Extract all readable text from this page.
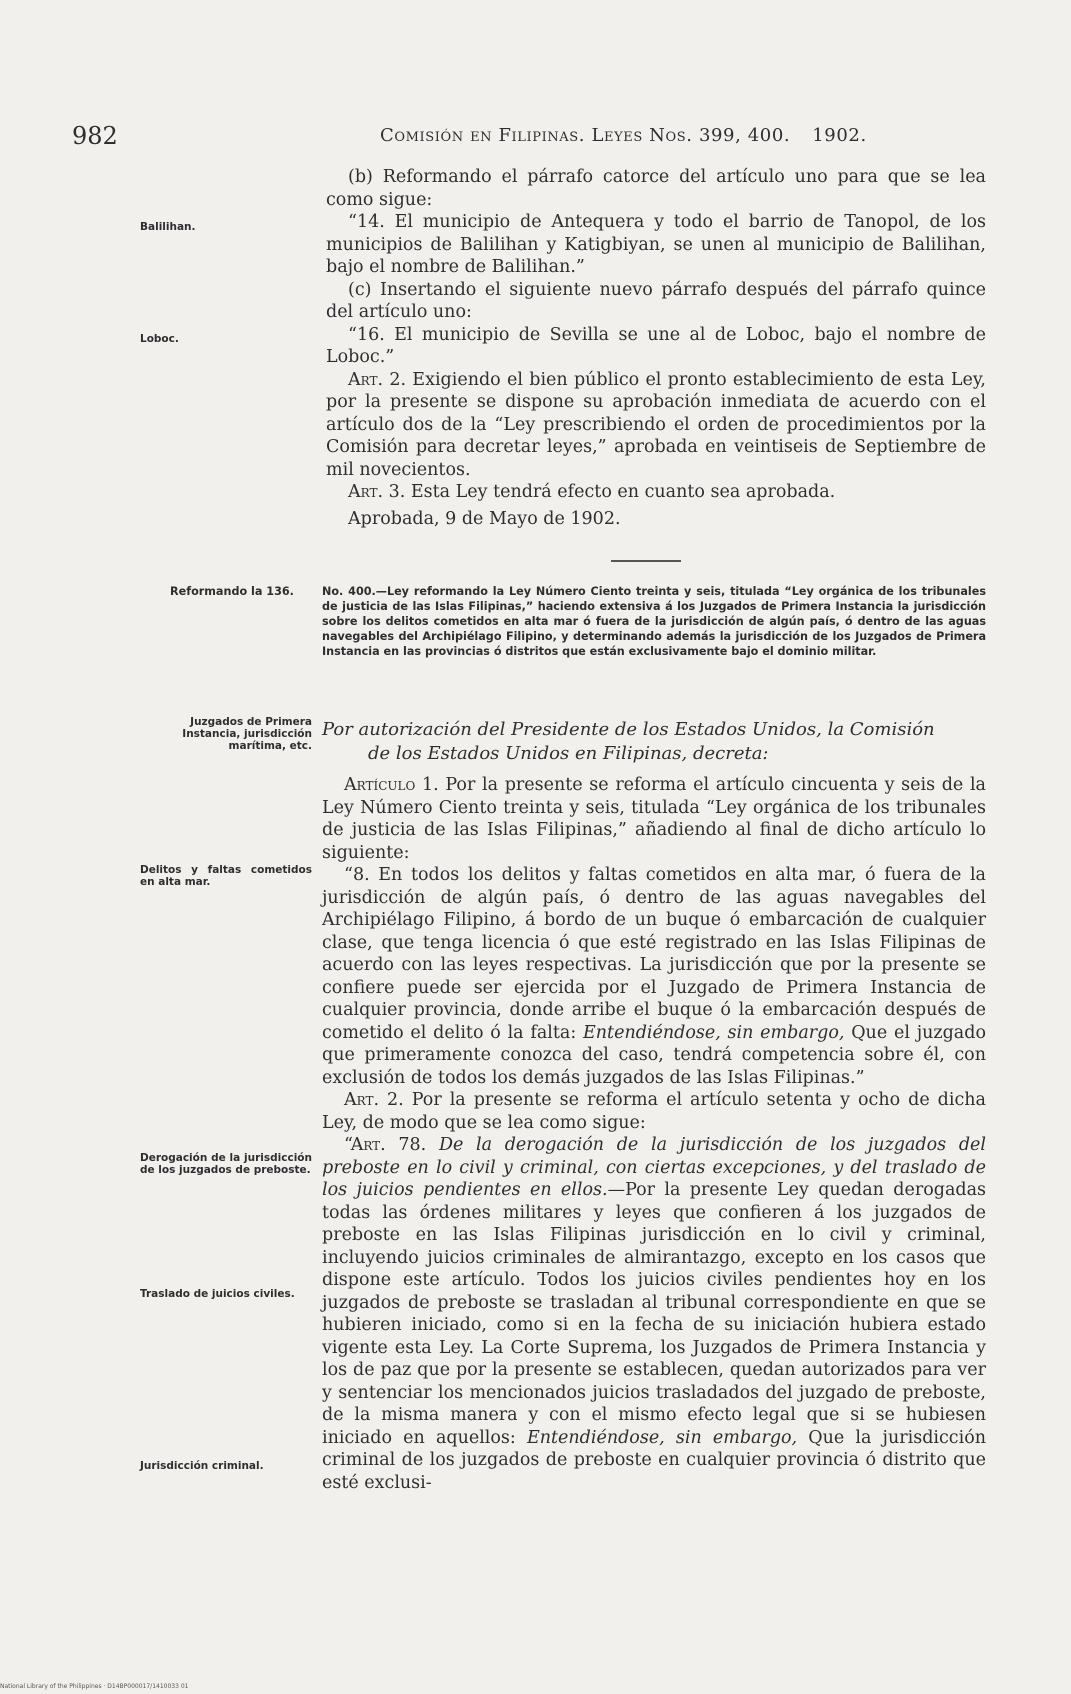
982	Comisión en Filipinas. Leyes Nos. 399, 400. 1902.

(b) Reformando el párrafo catorce del artículo uno para que se lea como sigue:

“14. El municipio de Antequera y todo el barrio de Tanopol, de los municipios de Balilihan y Katigbiyan, se unen al municipio de Balilihan, bajo el nombre de Balilihan.”

(c) Insertando el siguiente nuevo párrafo después del párrafo quince del artículo uno:

“16. El municipio de Sevilla se une al de Loboc, bajo el nombre de Loboc.”

Art. 2. Exigiendo el bien público el pronto establecimiento de esta Ley, por la presente se dispone su aprobación inmediata de acuerdo con el artículo dos de la “Ley prescribiendo el orden de procedimientos por la Comisión para decretar leyes,” aprobada en veintiseis de Septiembre de mil novecientos.

Art. 3. Esta Ley tendrá efecto en cuanto sea aprobada.

Aprobada, 9 de Mayo de 1902.

Balilihan.
Loboc.
Reformando la 136.	No. 400.—Ley reformando la Ley Número Ciento treinta y seis, titulada “Ley orgánica de los tribunales de justicia de las Islas Filipinas,” haciendo extensiva á los Juzgados de Primera Instancia la jurisdicción sobre los delitos cometidos en alta mar ó fuera de la jurisdicción de algún país, ó dentro de las aguas navegables del Archipiélago Filipino, y determinando además la jurisdicción de los Juzgados de Primera Instancia en las provincias ó distritos que están exclusivamente bajo el dominio militar.
Juzgados de Primera Instancia, jurisdicción marítima, etc.
Por autorización del Presidente de los Estados Unidos, la Comisión
de los Estados Unidos en Filipinas, decreta:

Artículo 1. Por la presente se reforma el artículo cincuenta y seis de la Ley Número Ciento treinta y seis, titulada “Ley orgánica de los tribunales de justicia de las Islas Filipinas,” añadiendo al final de dicho artículo lo siguiente:

“8. En todos los delitos y faltas cometidos en alta mar, ó fuera de la jurisdicción de algún país, ó dentro de las aguas navegables del Archipiélago Filipino, á bordo de un buque ó embarcación de cualquier clase, que tenga licencia ó que esté registrado en las Islas Filipinas de acuerdo con las leyes respectivas. La jurisdicción que por la presente se confiere puede ser ejercida por el Juzgado de Primera Instancia de cualquier provincia, donde arribe el buque ó la embarcación después de cometido el delito ó la falta: Entendiéndose, sin embargo, Que el juzgado que primeramente conozca del caso, tendrá competencia sobre él, con exclusión de todos los demás juzgados de las Islas Filipinas.”

Art. 2. Por la presente se reforma el artículo setenta y ocho de dicha Ley, de modo que se lea como sigue:

“Art. 78. De la derogación de la jurisdicción de los juzgados del preboste en lo civil y criminal, con ciertas excepciones, y del traslado de los juicios pendientes en ellos.—Por la presente Ley quedan derogadas todas las órdenes militares y leyes que confieren á los juzgados de preboste en las Islas Filipinas jurisdicción en lo civil y criminal, incluyendo juicios criminales de almirantazgo, excepto en los casos que dispone este artículo. Todos los juicios civiles pendientes hoy en los juzgados de preboste se trasladan al tribunal correspondiente en que se hubieren iniciado, como si en la fecha de su iniciación hubiera estado vigente esta Ley. La Corte Suprema, los Juzgados de Primera Instancia y los de paz que por la presente se establecen, quedan autorizados para ver y sentenciar los mencionados juicios trasladados del juzgado de preboste, de la misma manera y con el mismo efecto legal que si se hubiesen iniciado en aquellos: Entendiéndose, sin embargo, Que la jurisdicción criminal de los juzgados de preboste en cualquier provincia ó distrito que esté exclusi-

Delitos y faltas cometidos en alta mar.
Derogación de la jurisdicción de los juzgados de preboste.
Traslado de juicios civiles.
Jurisdicción criminal.
National Library of the Philippines · D14BP000017/1410033 01
